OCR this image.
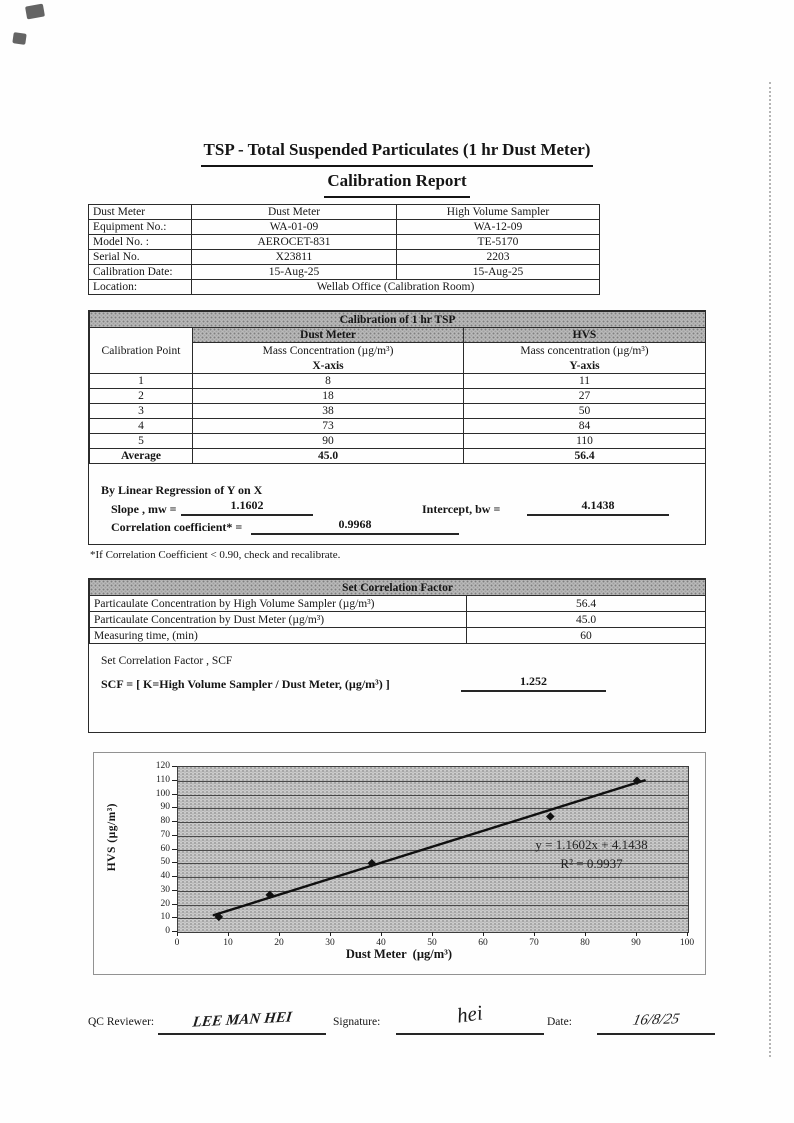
TSP - Total Suspended Particulates (1 hr Dust Meter)
Calibration Report
Dust Meter	Dust Meter	High Volume Sampler
Equipment No.:	WA-01-09	WA-12-09
Model No. :	AEROCET-831	TE-5170
Serial No.	X23811	2203
Calibration Date:	15-Aug-25	15-Aug-25
Location:	Wellab Office (Calibration Room)	
Calibration of 1 hr TSP		
Calibration Point	Dust Meter	HVS
	Mass Concentration (µg/m³)	Mass concentration (µg/m³)
	X-axis	Y-axis
1	8	11
2	18	27
3	38	50
4	73	84
5	90	110
Average	45.0	56.4
By Linear Regression of Y on X
Slope , mw =	1.1602	Intercept, bw =	4.1438
Correlation coefficient* =	0.9968
*If Correlation Coefficient < 0.90, check and recalibrate.
Set Correlation Factor	
Particaulate Concentration by High Volume Sampler (µg/m³)	56.4
Particaulate Concentration by Dust Meter (µg/m³)	45.0
Measuring time, (min)	60
Set Correlation Factor , SCF
SCF = [ K=High Volume Sampler / Dust Meter, (µg/m³) ]	1.252
HVS (µg/m³)
Dust Meter  (µg/m³)
y = 1.1602x + 4.1438
R² = 0.9937
0
10
20
30
40
50
60
70
80
90
100
110
120
0	10	20	30	40	50	60	70	80	90	100
QC Reviewer:	LEE MAN HEI	Signature:	hei	Date:	16/8/25
